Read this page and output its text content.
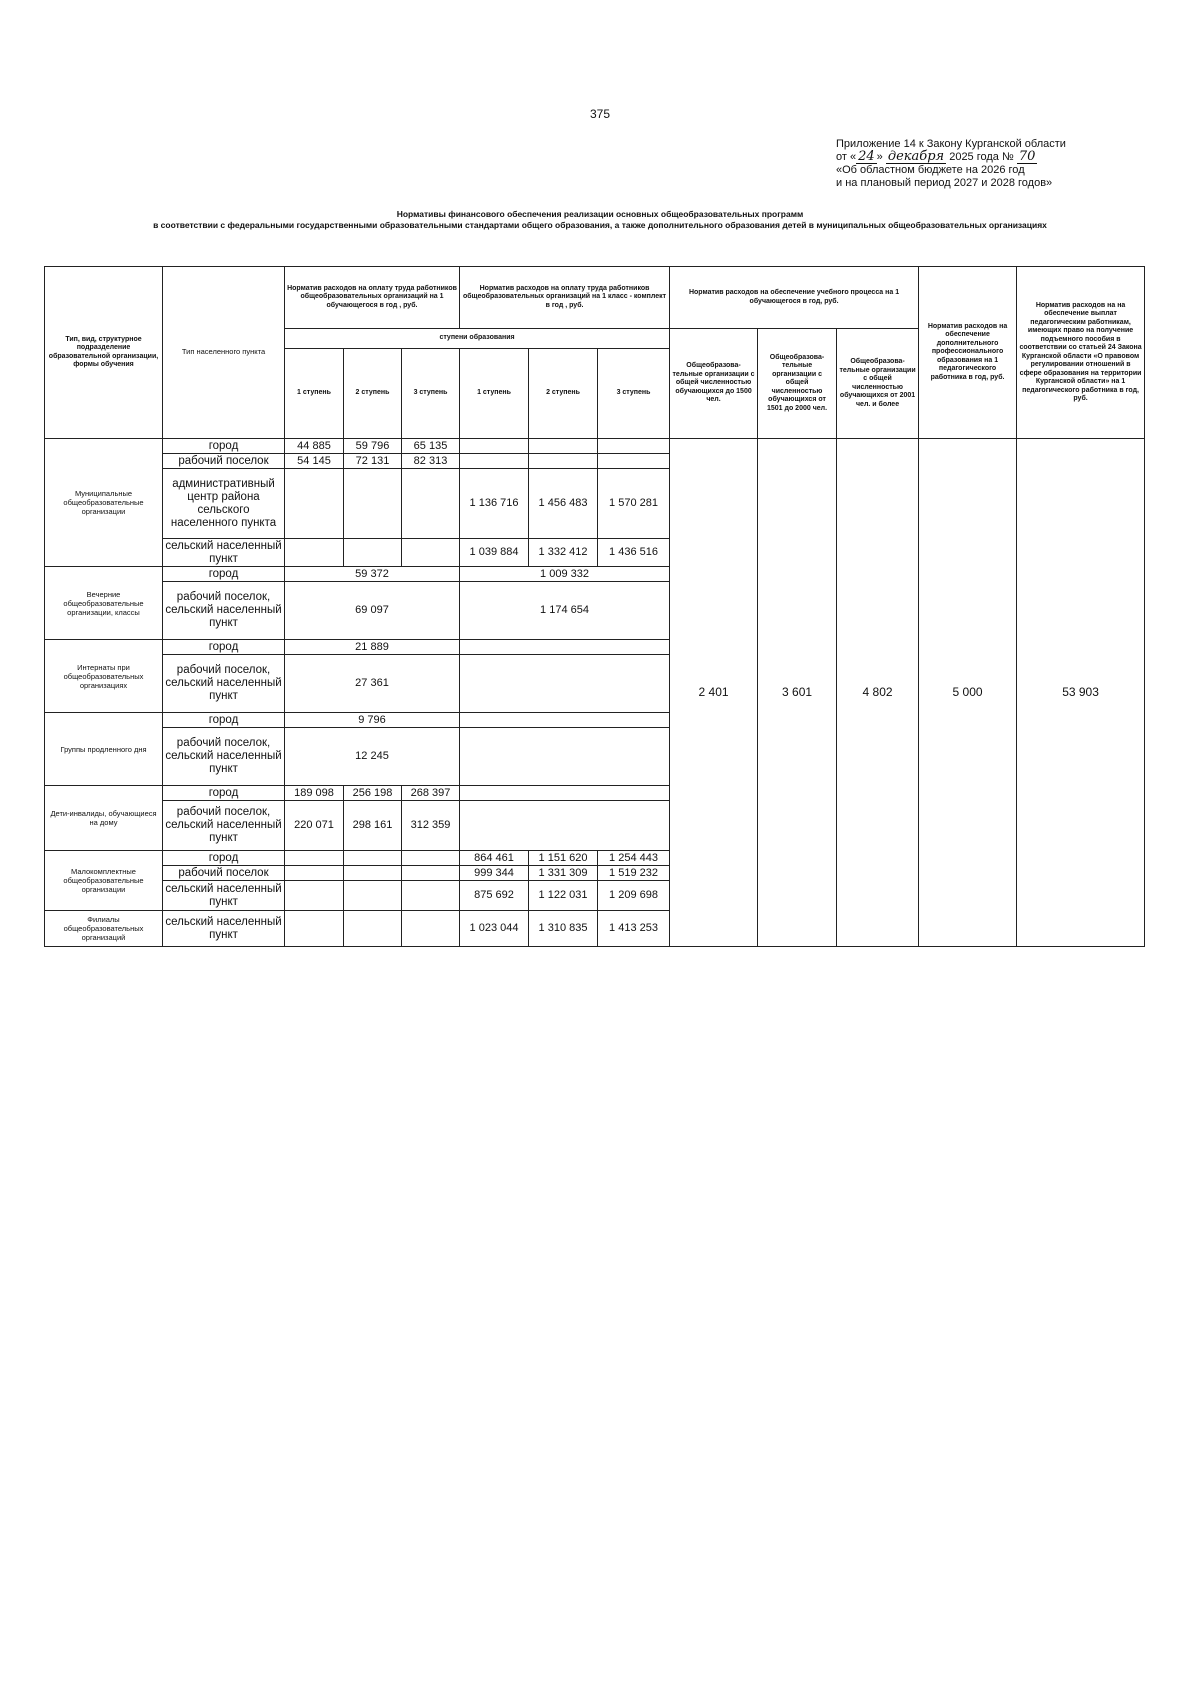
375
Приложение 14 к Закону Курганской области
от « 24 » декабря 2025 года № 70
«Об областном бюджете на 2026 год
и на плановый период 2027 и 2028 годов»
Нормативы финансового обеспечения реализации основных общеобразовательных программ
в соответствии с федеральными государственными образовательными стандартами общего образования, а также дополнительного образования детей в муниципальных общеобразовательных организациях
Тип, вид, структурное подразделение образовательной организации, формы обучения	Тип населенного пункта	Норматив расходов на оплату труда работников общеобразовательных организаций на 1 обучающегося в год , руб.			Норматив расходов на оплату труда работников общеобразовательных организаций на 1 класс - комплект в год , руб.			Норматив расходов на обеспечение учебного процесса на 1 обучающегося в год, руб.			Норматив расходов на обеспечение дополнительного профессионального образования на 1 педагогического работника в год, руб.	Норматив расходов на на обеспечение выплат педагогическим работникам, имеющих право на получение подъемного пособия в соответствии со статьей 24 Закона Курганской области «О правовом регулировании отношений в сфере образования на территории Курганской области» на 1 педагогического работника в год, руб.
		ступени образования						Общеобразова-тельные организации с общей численностью обучающихся до 1500 чел.	Общеобразова-тельные организации с общей численностью обучающихся от 1501 до 2000 чел.	Общеобразова-тельные организации с общей численностью обучающихся от 2001 чел. и более		
		1 ступень	2 ступень	3 ступень	1 ступень	2 ступень	3 ступень					
Муниципальные общеобразовательные организации	город	44 885	59 796	65 135				2 401	3 601	4 802	5 000	53 903
	рабочий поселок	54 145	72 131	82 313								
	административный центр района сельского населенного пункта				1 136 716	1 456 483	1 570 281					
	сельский населенный пункт				1 039 884	1 332 412	1 436 516					
Вечерние общеобразовательные организации, классы	город	59 372			1 009 332							
	рабочий поселок, сельский населенный пункт	69 097			1 174 654							
Интернаты при общеобразовательных организациях	город	21 889										
	рабочий поселок, сельский населенный пункт	27 361										
Группы продленного дня	город	9 796										
	рабочий поселок, сельский населенный пункт	12 245										
Дети-инвалиды, обучающиеся на дому	город	189 098	256 198	268 397								
	рабочий поселок, сельский населенный пункт	220 071	298 161	312 359								
Малокомплектные общеобразовательные организации	город				864 461	1 151 620	1 254 443					
	рабочий поселок				999 344	1 331 309	1 519 232					
	сельский населенный пункт				875 692	1 122 031	1 209 698					
Филиалы общеобразовательных организаций	сельский населенный пункт				1 023 044	1 310 835	1 413 253					
